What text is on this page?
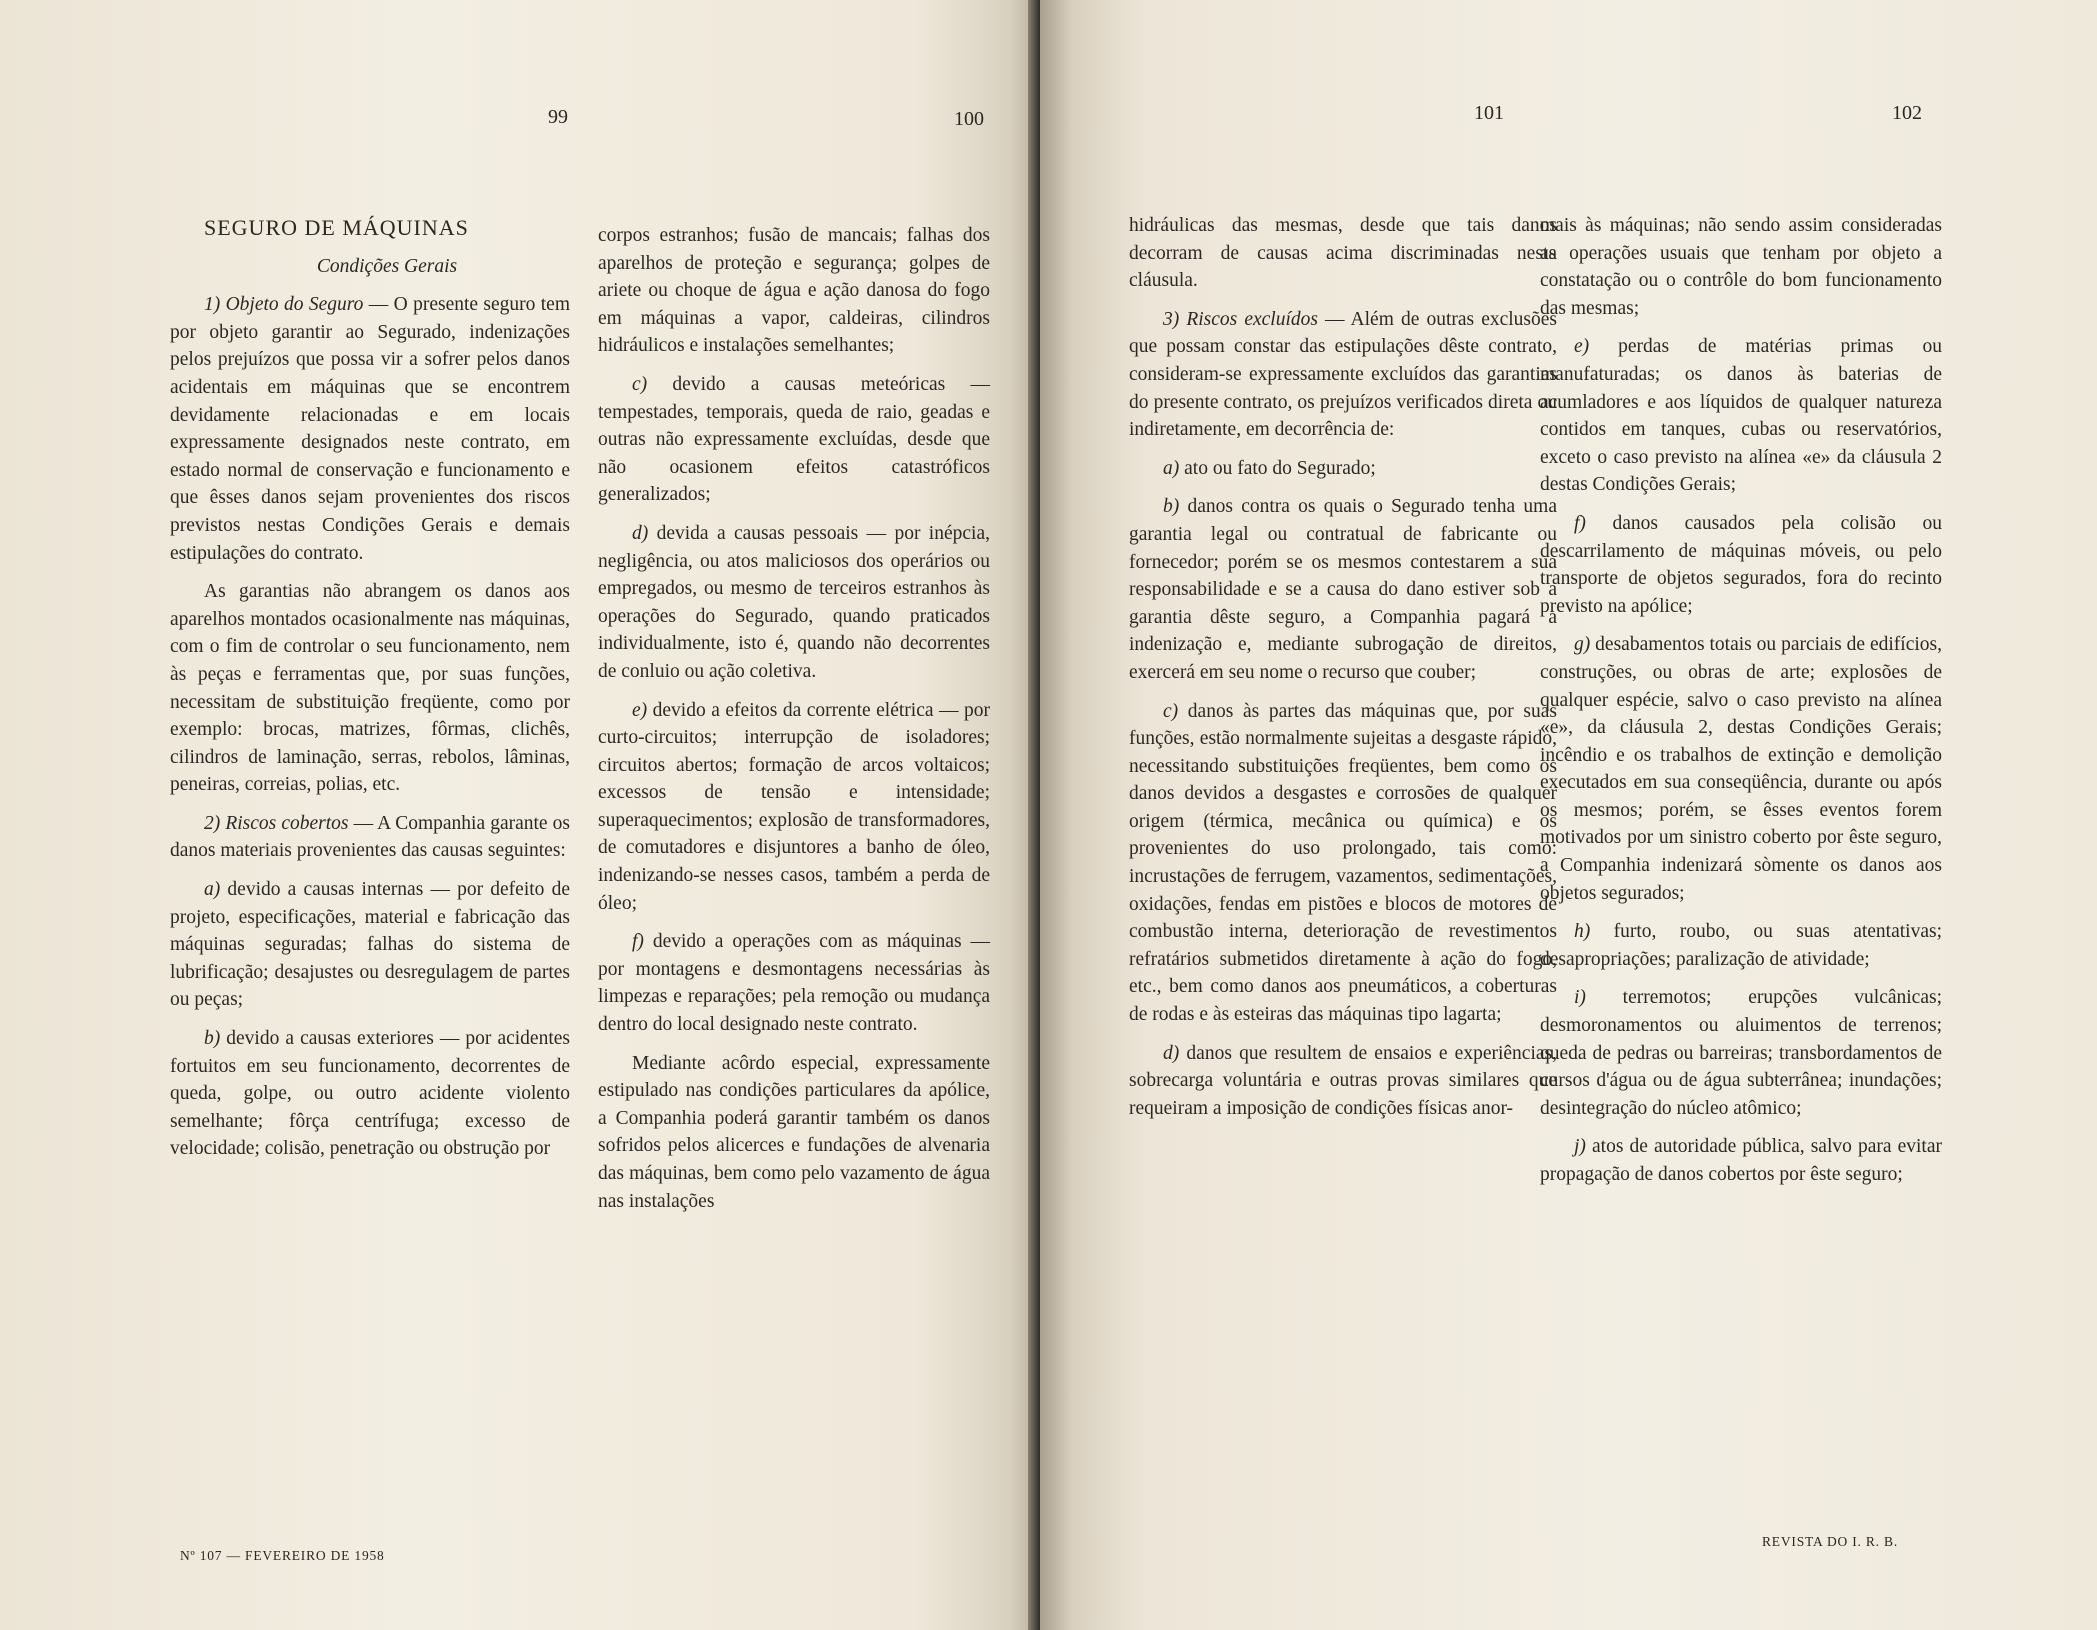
99	100

SEGURO DE MÁQUINAS

Condições Gerais

1) Objeto do Seguro — O presente seguro tem por objeto garantir ao Segurado, indenizações pelos prejuízos que possa vir a sofrer pelos danos acidentais em máquinas que se encontrem devidamente relacionadas e em locais expressamente designados neste contrato, em estado normal de conservação e funcionamento e que êsses danos sejam provenientes dos riscos previstos nestas Condições Gerais e demais estipulações do contrato.

As garantias não abrangem os danos aos aparelhos montados ocasionalmente nas máquinas, com o fim de controlar o seu funcionamento, nem às peças e ferramentas que, por suas funções, necessitam de substituição freqüente, como por exemplo: brocas, matrizes, fôrmas, clichês, cilindros de laminação, serras, rebolos, lâminas, peneiras, correias, polias, etc.

2) Riscos cobertos — A Companhia garante os danos materiais provenientes das causas seguintes:

a) devido a causas internas — por defeito de projeto, especificações, material e fabricação das máquinas seguradas; falhas do sistema de lubrificação; desajustes ou desregulagem de partes ou peças;

b) devido a causas exteriores — por acidentes fortuitos em seu funcionamento, decorrentes de queda, golpe, ou outro acidente violento semelhante; fôrça centrífuga; excesso de velocidade; colisão, penetração ou obstrução por

corpos estranhos; fusão de mancais; falhas dos aparelhos de proteção e segurança; golpes de ariete ou choque de água e ação danosa do fogo em máquinas a vapor, caldeiras, cilindros hidráulicos e instalações semelhantes;

c) devido a causas meteóricas — tempestades, temporais, queda de raio, geadas e outras não expressamente excluídas, desde que não ocasionem efeitos catastróficos generalizados;

d) devida a causas pessoais — por inépcia, negligência, ou atos maliciosos dos operários ou empregados, ou mesmo de terceiros estranhos às operações do Segurado, quando praticados individualmente, isto é, quando não decorrentes de conluio ou ação coletiva.

e) devido a efeitos da corrente elétrica — por curto-circuitos; interrupção de isoladores; circuitos abertos; formação de arcos voltaicos; excessos de tensão e intensidade; superaquecimentos; explosão de transformadores, de comutadores e disjuntores a banho de óleo, indenizando-se nesses casos, também a perda de óleo;

f) devido a operações com as máquinas — por montagens e desmontagens necessárias às limpezas e reparações; pela remoção ou mudança dentro do local designado neste contrato.

Mediante acôrdo especial, expressamente estipulado nas condições particulares da apólice, a Companhia poderá garantir também os danos sofridos pelos alicerces e fundações de alvenaria das máquinas, bem como pelo vazamento de água nas instalações

Nº 107 — FEVEREIRO DE 1958
101	102

hidráulicas das mesmas, desde que tais danos decorram de causas acima discriminadas nesta cláusula.

3) Riscos excluídos — Além de outras exclusões que possam constar das estipulações dêste contrato, consideram-se expressamente excluídos das garantias do presente contrato, os prejuízos verificados direta ou indiretamente, em decorrência de:

a) ato ou fato do Segurado;

b) danos contra os quais o Segurado tenha uma garantia legal ou contratual de fabricante ou fornecedor; porém se os mesmos contestarem a sua responsabilidade e se a causa do dano estiver sob a garantia dêste seguro, a Companhia pagará a indenização e, mediante subrogação de direitos, exercerá em seu nome o recurso que couber;

c) danos às partes das máquinas que, por suas funções, estão normalmente sujeitas a desgaste rápido, necessitando substituições freqüentes, bem como os danos devidos a desgastes e corrosões de qualquer origem (térmica, mecânica ou química) e os provenientes do uso prolongado, tais como: incrustações de ferrugem, vazamentos, sedimentações, oxidações, fendas em pistões e blocos de motores de combustão interna, deterioração de revestimentos refratários submetidos diretamente à ação do fogo, etc., bem como danos aos pneumáticos, a coberturas de rodas e às esteiras das máquinas tipo lagarta;

d) danos que resultem de ensaios e experiências, sobrecarga voluntária e outras provas similares que requeiram a imposição de condições físicas anor-

mais às máquinas; não sendo assim consideradas as operações usuais que tenham por objeto a constatação ou o contrôle do bom funcionamento das mesmas;

e) perdas de matérias primas ou manufaturadas; os danos às baterias de acumladores e aos líquidos de qualquer natureza contidos em tanques, cubas ou reservatórios, exceto o caso previsto na alínea «e» da cláusula 2 destas Condições Gerais;

f) danos causados pela colisão ou descarrilamento de máquinas móveis, ou pelo transporte de objetos segurados, fora do recinto previsto na apólice;

g) desabamentos totais ou parciais de edifícios, construções, ou obras de arte; explosões de qualquer espécie, salvo o caso previsto na alínea «e», da cláusula 2, destas Condições Gerais; incêndio e os trabalhos de extinção e demolição executados em sua conseqüência, durante ou após os mesmos; porém, se êsses eventos forem motivados por um sinistro coberto por êste seguro, a Companhia indenizará sòmente os danos aos objetos segurados;

h) furto, roubo, ou suas atentativas; desapropriações; paralização de atividade;

i) terremotos; erupções vulcânicas; desmoronamentos ou aluimentos de terrenos; queda de pedras ou barreiras; transbordamentos de cursos d'água ou de água subterrânea; inundações; desintegração do núcleo atômico;

j) atos de autoridade pública, salvo para evitar propagação de danos cobertos por êste seguro;

REVISTA DO I. R. B.
